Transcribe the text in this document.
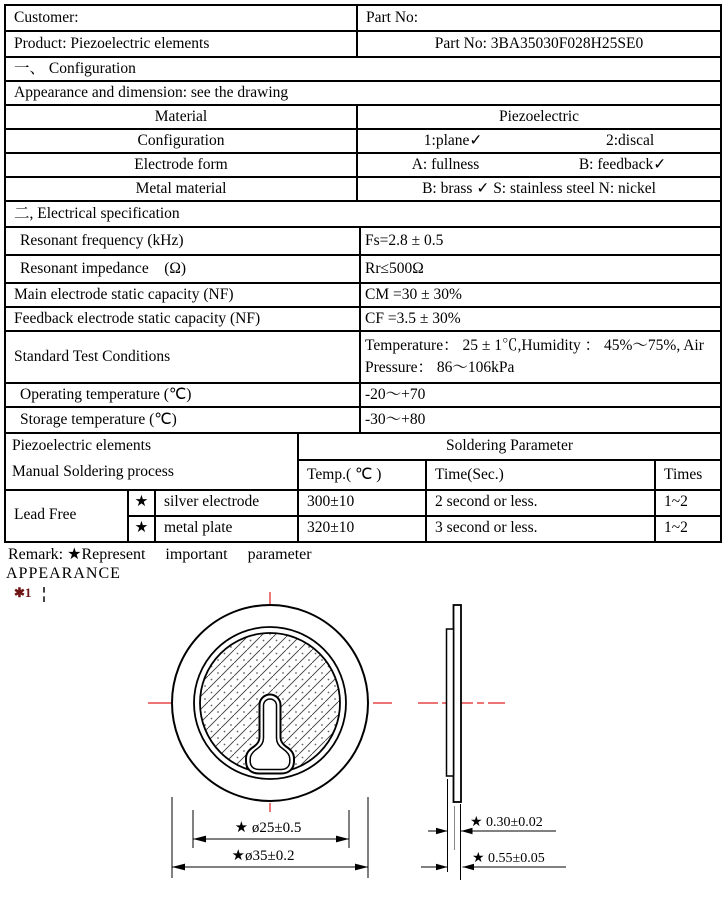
Customer:	Part No:
Product: Piezoelectric elements	Part No: 3BA35030F028H25SE0
一、 Configuration
Appearance and dimension: see the drawing
Material	Piezoelectric
Configuration	1:plane✓ 2:discal

Electrode form	A: fullness B: feedback✓

Metal material	B: brass ✓ S: stainless steel N: nickel
二, Electrical specification
Resonant frequency (kHz)	Fs=2.8 ± 0.5
Resonant impedance　(Ω)	Rr≤500Ω
Main electrode static capacity (NF)	CM =30 ± 30%
Feedback electrode static capacity (NF)	CF =3.5 ± 30%
Standard Test Conditions	Temperature： 25 ± 1℃,Humidity ： 45%～75%, Air Pressure： 86～106kPa
Operating temperature (℃)	-20～+70
Storage temperature (℃)	-30～+80
Piezoelectric elements
Manual Soldering process			Soldering Parameter		
			Temp.( ℃ )	Time(Sec.)	Times
Lead Free	★	silver electrode	300±10	2 second or less.	1~2
	★	metal plate	320±10	3 second or less.	1~2
Remark: ★Represent     important     parameter
APPEARANCE
✱1
★ ø25±0.5
★ø35±0.2
★ 0.30±0.02
★ 0.55±0.05
